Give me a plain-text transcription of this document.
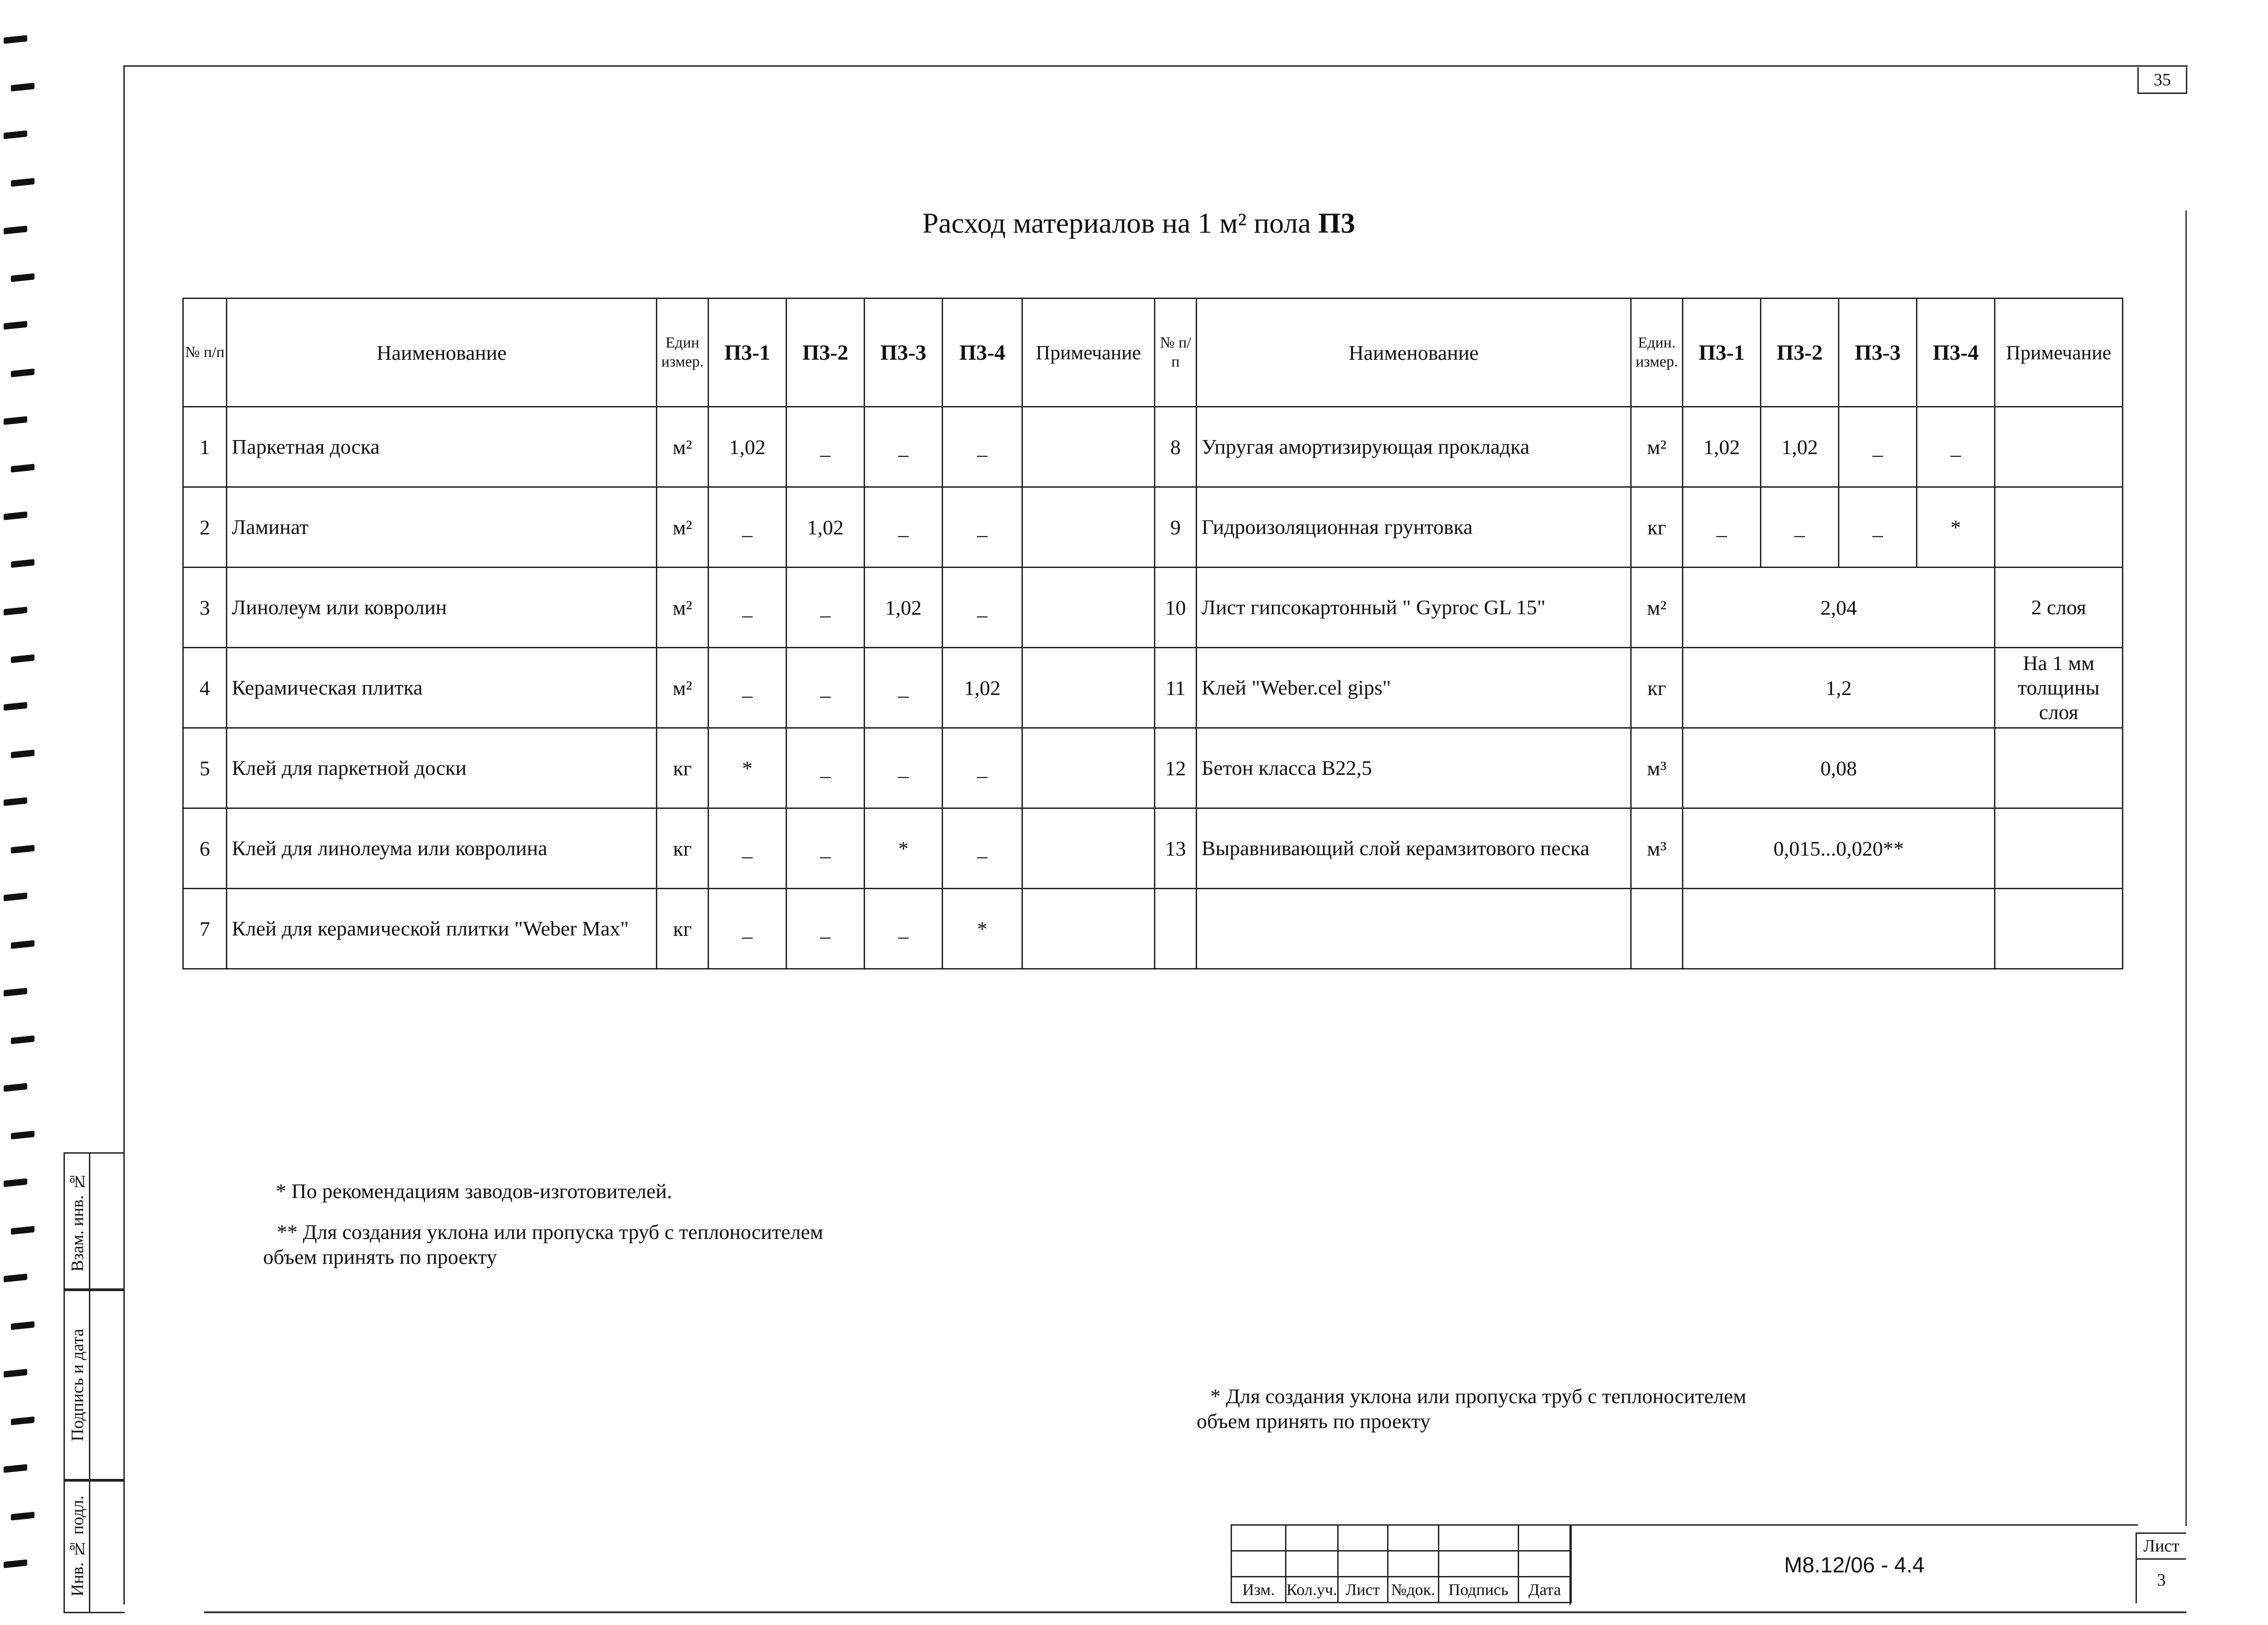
35
Расход материалов на 1 м² пола П3
№ п/п	Наименование	Един измер.	П3-1	П3-2	П3-3	П3-4	Примечание	№ п/п	Наименование	Един. измер.	П3-1	П3-2	П3-3	П3-4	Примечание
1	Паркетная доска	м²	1,02	_	_	_		8	Упругая амортизирующая прокладка	м²	1,02	1,02	_	_	
2	Ламинат	м²	_	1,02	_	_		9	Гидроизоляционная грунтовка	кг	_	_	_	*	
3	Линолеум или ковролин	м²	_	_	1,02	_		10	Лист гипсокартонный " Gyproc GL 15"	м²	2,04				2 слоя
4	Керамическая плитка	м²	_	_	_	1,02		11	Клей "Weber.cel gips"	кг	1,2				На 1 мм толщины слоя
5	Клей для паркетной доски	кг	*	_	_	_		12	Бетон класса В22,5	м³	0,08				
6	Клей для линолеума или ковролина	кг	_	_	*	_		13	Выравнивающий слой керамзитового песка	м³	0,015...0,020**				
7	Клей для керамической плитки "Weber Max"	кг	_	_	_	*									
Взам. инв. №
Подпись и дата
Инв. № подл.
* По рекомендациям заводов-изготовителей.
** Для создания уклона или пропуска труб с теплоносителем
объем принять по проекту
* Для создания уклона или пропуска труб с теплоносителем
объем принять по проекту

Изм.	Кол.уч.	Лист	№док.	Подпись	Дата
М8.12/06 - 4.4
Лист
3
